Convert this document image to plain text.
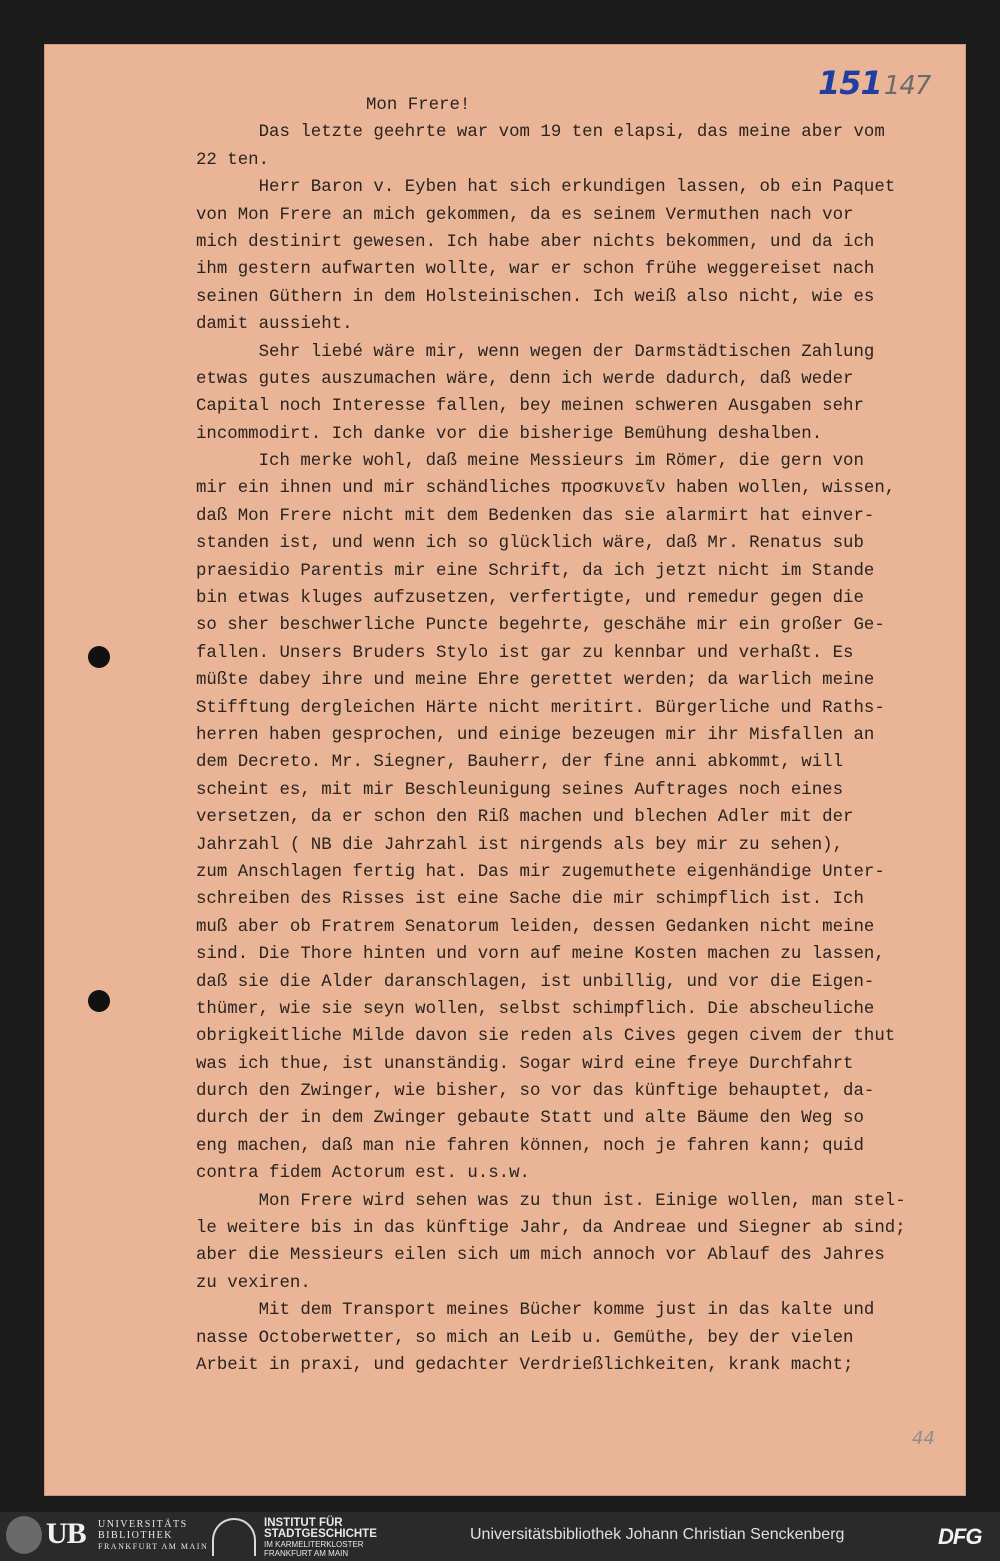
151147
Mon Frere!
Das letzte geehrte war vom 19 ten elapsi, das meine aber vom
22 ten.
Herr Baron v. Eyben hat sich erkundigen lassen, ob ein Paquet
von Mon Frere an mich gekommen, da es seinem Vermuthen nach vor
mich destinirt gewesen. Ich habe aber nichts bekommen, und da ich
ihm gestern aufwarten wollte, war er schon frühe weggereiset nach
seinen Güthern in dem Holsteinischen. Ich weiß also nicht, wie es
damit aussieht.
Sehr liebé wäre mir, wenn wegen der Darmstädtischen Zahlung
etwas gutes auszumachen wäre, denn ich werde dadurch, daß weder
Capital noch Interesse fallen, bey meinen schweren Ausgaben sehr
incommodirt. Ich danke vor die bisherige Bemühung deshalben.
Ich merke wohl, daß meine Messieurs im Römer, die gern von
mir ein ihnen und mir schändliches προσκυνεῖν haben wollen, wissen,
daß Mon Frere nicht mit dem Bedenken das sie alarmirt hat einver-
standen ist, und wenn ich so glücklich wäre, daß Mr. Renatus sub
praesidio Parentis mir eine Schrift, da ich jetzt nicht im Stande
bin etwas kluges aufzusetzen, verfertigte, und remedur gegen die
so sher beschwerliche Puncte begehrte, geschähe mir ein großer Ge-
fallen. Unsers Bruders Stylo ist gar zu kennbar und verhaßt. Es
müßte dabey ihre und meine Ehre gerettet werden; da warlich meine
Stifftung dergleichen Härte nicht meritirt. Bürgerliche und Raths-
herren haben gesprochen, und einige bezeugen mir ihr Misfallen an
dem Decreto. Mr. Siegner, Bauherr, der fine anni abkommt, will
scheint es, mit mir Beschleunigung seines Auftrages noch eines
versetzen, da er schon den Riß machen und blechen Adler mit der
Jahrzahl ( NB die Jahrzahl ist nirgends als bey mir zu sehen),
zum Anschlagen fertig hat. Das mir zugemuthete eigenhändige Unter-
schreiben des Risses ist eine Sache die mir schimpflich ist. Ich
muß aber ob Fratrem Senatorum leiden, dessen Gedanken nicht meine
sind. Die Thore hinten und vorn auf meine Kosten machen zu lassen,
daß sie die Alder daranschlagen, ist unbillig, und vor die Eigen-
thümer, wie sie seyn wollen, selbst schimpflich. Die abscheuliche
obrigkeitliche Milde davon sie reden als Cives gegen civem der thut
was ich thue, ist unanständig. Sogar wird eine freye Durchfahrt
durch den Zwinger, wie bisher, so vor das künftige behauptet, da-
durch der in dem Zwinger gebaute Statt und alte Bäume den Weg so
eng machen, daß man nie fahren können, noch je fahren kann; quid
contra fidem Actorum est. u.s.w.
Mon Frere wird sehen was zu thun ist. Einige wollen, man stel-
le weitere bis in das künftige Jahr, da Andreae und Siegner ab sind;
aber die Messieurs eilen sich um mich annoch vor Ablauf des Jahres
zu vexiren.
Mit dem Transport meines Bücher komme just in das kalte und
nasse Octoberwetter, so mich an Leib u. Gemüthe, bey der vielen
Arbeit in praxi, und gedachter Verdrießlichkeiten, krank macht;
44
UB UNIVERSITÄTS
BIBLIOTHEK
FRANKFURT AM MAIN
INSTITUT FÜR
STADTGESCHICHTE
IM KARMELITERKLOSTER
FRANKFURT AM MAIN
Universitätsbibliothek Johann Christian Senckenberg	DFG
